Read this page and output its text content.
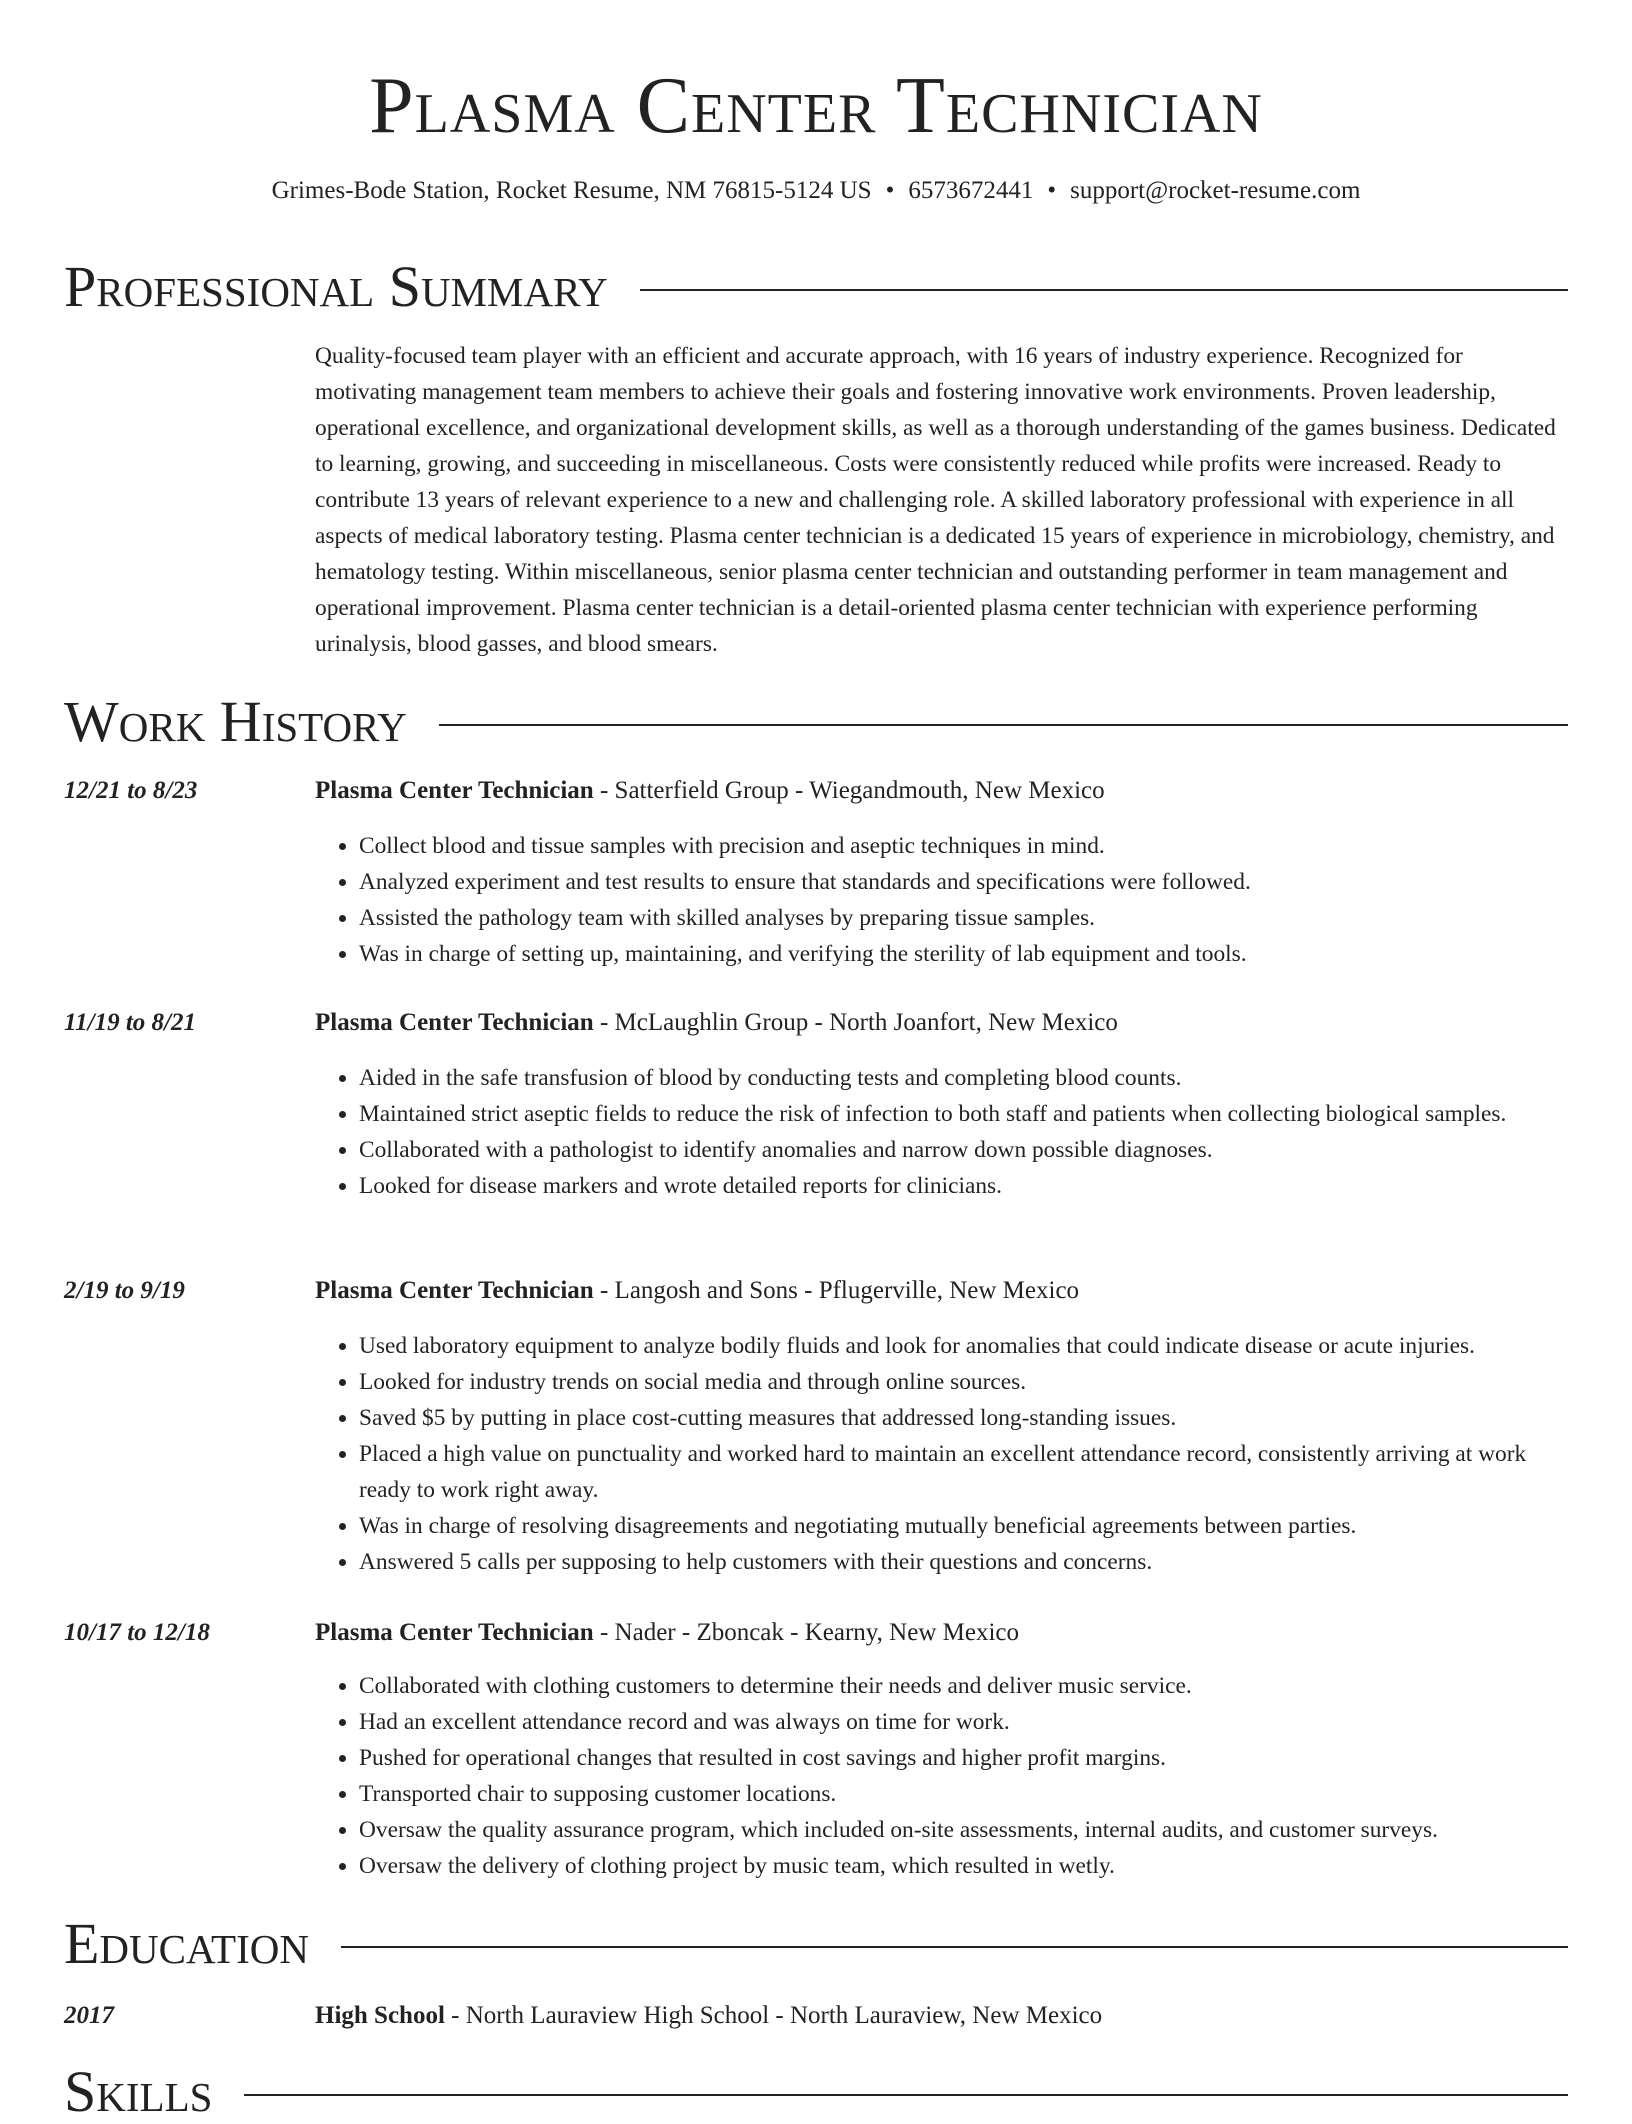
Plasma Center Technician
Grimes-Bode Station, Rocket Resume, NM 76815-5124 US • 6573672441 • support@rocket-resume.com
Professional Summary

Quality-focused team player with an efficient and accurate approach, with 16 years of industry experience. Recognized for motivating management team members to achieve their goals and fostering innovative work environments. Proven leadership, operational excellence, and organizational development skills, as well as a thorough understanding of the games business. Dedicated to learning, growing, and succeeding in miscellaneous. Costs were consistently reduced while profits were increased. Ready to contribute 13 years of relevant experience to a new and challenging role. A skilled laboratory professional with experience in all aspects of medical laboratory testing. Plasma center technician is a dedicated 15 years of experience in microbiology, chemistry, and hematology testing. Within miscellaneous, senior plasma center technician and outstanding performer in team management and operational improvement. Plasma center technician is a detail-oriented plasma center technician with experience performing urinalysis, blood gasses, and blood smears.

Work History
12/21 to 8/23	Plasma Center Technician - Satterfield Group - Wiegandmouth, New Mexico
• Collect blood and tissue samples with precision and aseptic techniques in mind.
• Analyzed experiment and test results to ensure that standards and specifications were followed.
• Assisted the pathology team with skilled analyses by preparing tissue samples.
• Was in charge of setting up, maintaining, and verifying the sterility of lab equipment and tools.
11/19 to 8/21	Plasma Center Technician - McLaughlin Group - North Joanfort, New Mexico
• Aided in the safe transfusion of blood by conducting tests and completing blood counts.
• Maintained strict aseptic fields to reduce the risk of infection to both staff and patients when collecting biological samples.
• Collaborated with a pathologist to identify anomalies and narrow down possible diagnoses.
• Looked for disease markers and wrote detailed reports for clinicians.
2/19 to 9/19	Plasma Center Technician - Langosh and Sons - Pflugerville, New Mexico
• Used laboratory equipment to analyze bodily fluids and look for anomalies that could indicate disease or acute injuries.
• Looked for industry trends on social media and through online sources.
• Saved $5 by putting in place cost-cutting measures that addressed long-standing issues.
• Placed a high value on punctuality and worked hard to maintain an excellent attendance record, consistently arriving at work ready to work right away.
• Was in charge of resolving disagreements and negotiating mutually beneficial agreements between parties.
• Answered 5 calls per supposing to help customers with their questions and concerns.
10/17 to 12/18	Plasma Center Technician - Nader - Zboncak - Kearny, New Mexico
• Collaborated with clothing customers to determine their needs and deliver music service.
• Had an excellent attendance record and was always on time for work.
• Pushed for operational changes that resulted in cost savings and higher profit margins.
• Transported chair to supposing customer locations.
• Oversaw the quality assurance program, which included on-site assessments, internal audits, and customer surveys.
• Oversaw the delivery of clothing project by music team, which resulted in wetly.
Education
2017	High School - North Lauraview High School - North Lauraview, New Mexico
Skills
